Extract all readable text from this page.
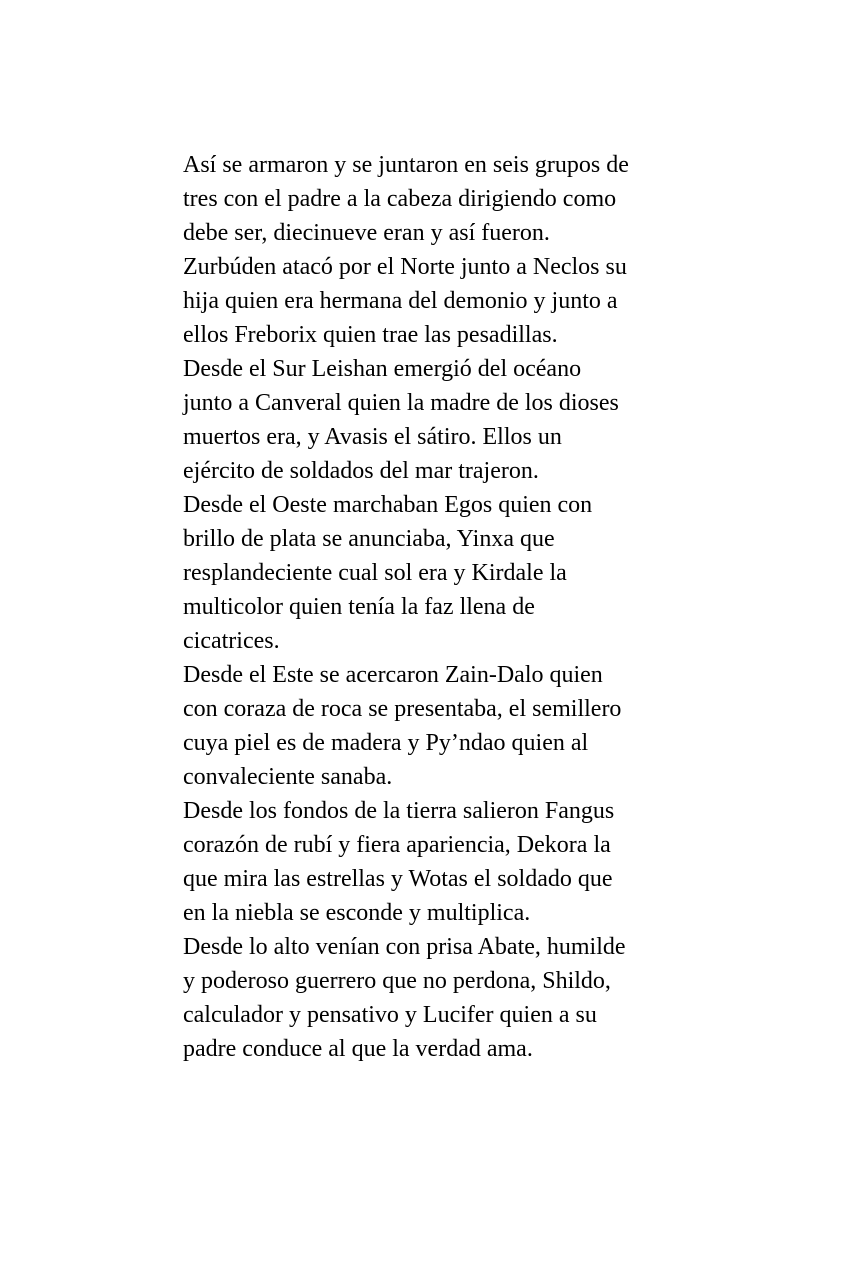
Así se armaron y se juntaron en seis grupos de
tres con el padre a la cabeza dirigiendo como
debe ser, diecinueve eran y así fueron.
Zurbúden atacó por el Norte junto a Neclos su
hija quien era hermana del demonio y junto a
ellos Freborix quien trae las pesadillas.
Desde el Sur Leishan emergió del océano
junto a Canveral quien la madre de los dioses
muertos era, y Avasis el sátiro. Ellos un
ejército de soldados del mar trajeron.
Desde el Oeste marchaban Egos quien con
brillo de plata se anunciaba, Yinxa que
resplandeciente cual sol era y Kirdale la
multicolor quien tenía la faz llena de
cicatrices.
Desde el Este se acercaron Zain-Dalo quien
con coraza de roca se presentaba, el semillero
cuya piel es de madera y Py’ndao quien al
convaleciente sanaba.
Desde los fondos de la tierra salieron Fangus
corazón de rubí y fiera apariencia, Dekora la
que mira las estrellas y Wotas el soldado que
en la niebla se esconde y multiplica.
Desde lo alto venían con prisa Abate, humilde
y poderoso guerrero que no perdona, Shildo,
calculador y pensativo y Lucifer quien a su
padre conduce al que la verdad ama.
